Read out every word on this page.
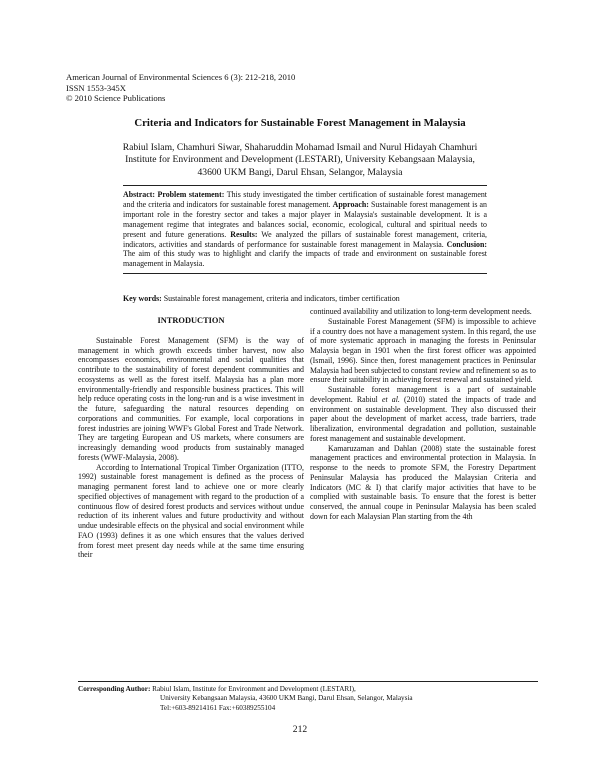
American Journal of Environmental Sciences 6 (3): 212-218, 2010
ISSN 1553-345X
© 2010 Science Publications
Criteria and Indicators for Sustainable Forest Management in Malaysia
Rabiul Islam, Chamhuri Siwar, Shaharuddin Mohamad Ismail and Nurul Hidayah Chamhuri
Institute for Environment and Development (LESTARI), University Kebangsaan Malaysia,
43600 UKM Bangi, Darul Ehsan, Selangor, Malaysia
Abstract: Problem statement: This study investigated the timber certification of sustainable forest management and the criteria and indicators for sustainable forest management. Approach: Sustainable forest management is an important role in the forestry sector and takes a major player in Malaysia's sustainable development. It is a management regime that integrates and balances social, economic, ecological, cultural and spiritual needs to present and future generations. Results: We analyzed the pillars of sustainable forest management, criteria, indicators, activities and standards of performance for sustainable forest management in Malaysia. Conclusion: The aim of this study was to highlight and clarify the impacts of trade and environment on sustainable forest management in Malaysia.
Key words: Sustainable forest management, criteria and indicators, timber certification
INTRODUCTION

Sustainable Forest Management (SFM) is the way of management in which growth exceeds timber harvest, now also encompasses economics, environmental and social qualities that contribute to the sustainability of forest dependent communities and ecosystems as well as the forest itself. Malaysia has a plan more environmentally-friendly and responsible business practices. This will help reduce operating costs in the long-run and is a wise investment in the future, safeguarding the natural resources depending on corporations and communities. For example, local corporations in forest industries are joining WWF's Global Forest and Trade Network. They are targeting European and US markets, where consumers are increasingly demanding wood products from sustainably managed forests (WWF-Malaysia, 2008).

According to International Tropical Timber Organization (ITTO, 1992) sustainable forest management is defined as the process of managing permanent forest land to achieve one or more clearly specified objectives of management with regard to the production of a continuous flow of desired forest products and services without undue reduction of its inherent values and future productivity and without undue undesirable effects on the physical and social environment while FAO (1993) defines it as one which ensures that the values derived from forest meet present day needs while at the same time ensuring their

continued availability and utilization to long-term development needs.

Sustainable Forest Management (SFM) is impossible to achieve if a country does not have a management system. In this regard, the use of more systematic approach in managing the forests in Peninsular Malaysia began in 1901 when the first forest officer was appointed (Ismail, 1996). Since then, forest management practices in Peninsular Malaysia had been subjected to constant review and refinement so as to ensure their suitability in achieving forest renewal and sustained yield.

Sustainable forest management is a part of sustainable development. Rabiul et al. (2010) stated the impacts of trade and environment on sustainable development. They also discussed their paper about the development of market access, trade barriers, trade liberalization, environmental degradation and pollution, sustainable forest management and sustainable development.

Kamaruzaman and Dahlan (2008) state the sustainable forest management practices and environmental protection in Malaysia. In response to the needs to promote SFM, the Forestry Department Peninsular Malaysia has produced the Malaysian Criteria and Indicators (MC & I) that clarify major activities that have to be complied with sustainable basis. To ensure that the forest is better conserved, the annual coupe in Peninsular Malaysia has been scaled down for each Malaysian Plan starting from the 4th

Corresponding Author: Rabiul Islam, Institute for Environment and Development (LESTARI),
University Kebangsaan Malaysia, 43600 UKM Bangi, Darul Ehsan, Selangor, Malaysia
Tel:+603-89214161 Fax:+60389255104
212
